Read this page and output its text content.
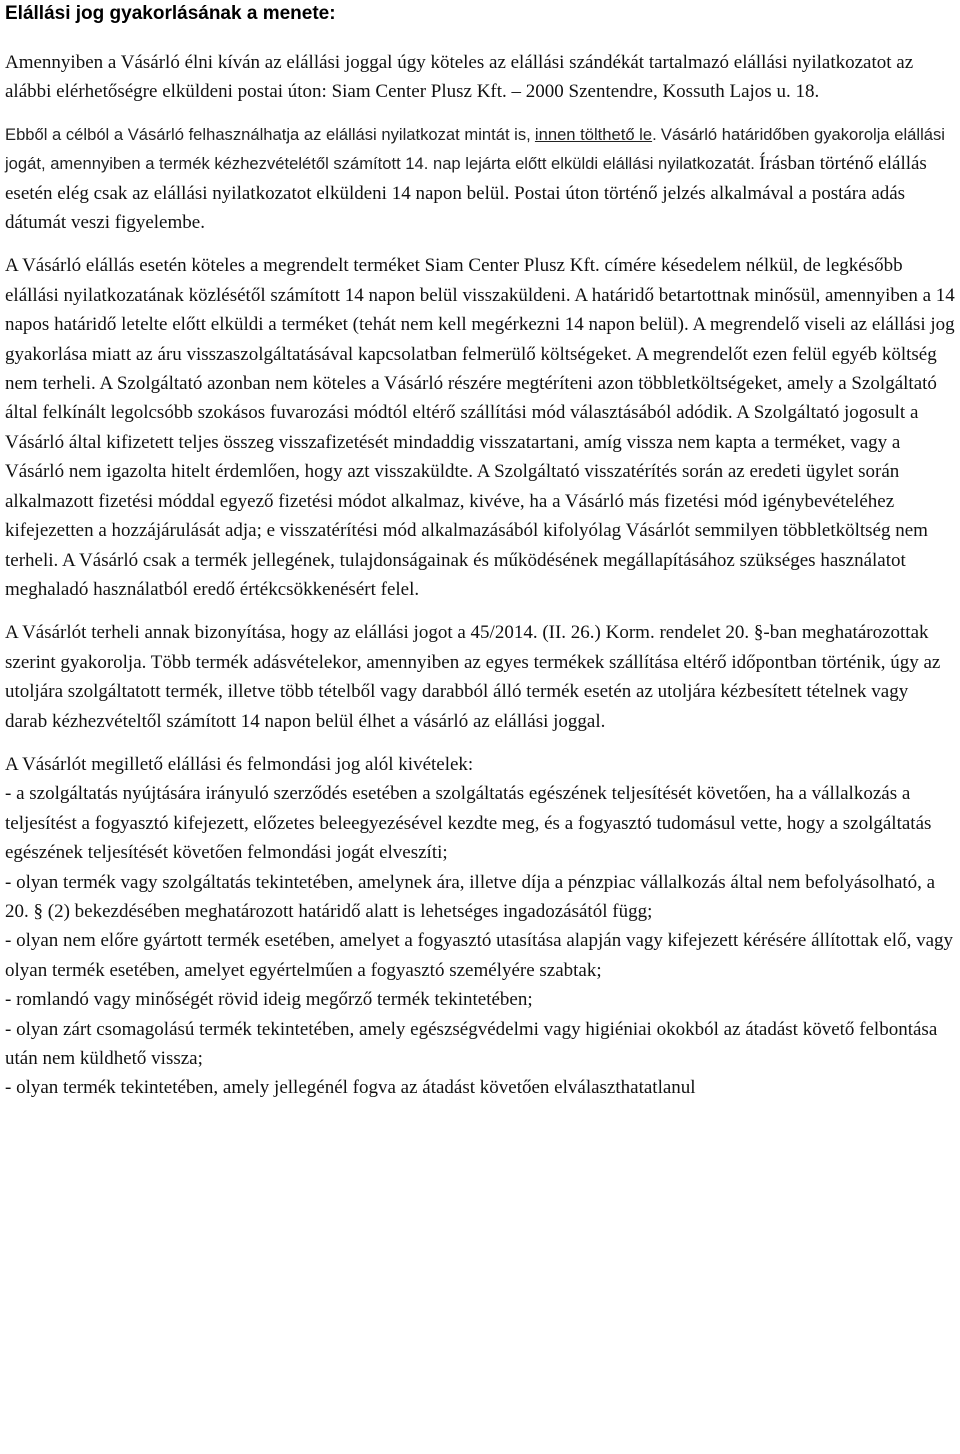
Elállási jog gyakorlásának a menete:

Amennyiben a Vásárló élni kíván az elállási joggal úgy köteles az elállási szándékát tartalmazó elállási nyilatkozatot az alábbi elérhetőségre elküldeni postai úton: Siam Center Plusz Kft. – 2000 Szentendre, Kossuth Lajos u. 18.

Ebből a célból a Vásárló felhasználhatja az elállási nyilatkozat mintát is, innen tölthető le. Vásárló határidőben gyakorolja elállási jogát, amennyiben a termék kézhezvételétől számított 14. nap lejárta előtt elküldi elállási nyilatkozatát. Írásban történő elállás esetén elég csak az elállási nyilatkozatot elküldeni 14 napon belül. Postai úton történő jelzés alkalmával a postára adás dátumát veszi figyelembe.

A Vásárló elállás esetén köteles a megrendelt terméket Siam Center Plusz Kft. címére késedelem nélkül, de legkésőbb elállási nyilatkozatának közlésétől számított 14 napon belül visszaküldeni. A határidő betartottnak minősül, amennyiben a 14 napos határidő letelte előtt elküldi a terméket (tehát nem kell megérkezni 14 napon belül). A megrendelő viseli az elállási jog gyakorlása miatt az áru visszaszolgáltatásával kapcsolatban felmerülő költségeket. A megrendelőt ezen felül egyéb költség nem terheli. A Szolgáltató azonban nem köteles a Vásárló részére megtéríteni azon többletköltségeket, amely a Szolgáltató által felkínált legolcsóbb szokásos fuvarozási módtól eltérő szállítási mód választásából adódik. A Szolgáltató jogosult a Vásárló által kifizetett teljes összeg visszafizetését mindaddig visszatartani, amíg vissza nem kapta a terméket, vagy a Vásárló nem igazolta hitelt érdemlően, hogy azt visszaküldte. A Szolgáltató visszatérítés során az eredeti ügylet során alkalmazott fizetési móddal egyező fizetési módot alkalmaz, kivéve, ha a Vásárló más fizetési mód igénybevételéhez kifejezetten a hozzájárulását adja; e visszatérítési mód alkalmazásából kifolyólag Vásárlót semmilyen többletköltség nem terheli. A Vásárló csak a termék jellegének, tulajdonságainak és működésének megállapításához szükséges használatot meghaladó használatból eredő értékcsökkenésért felel.

A Vásárlót terheli annak bizonyítása, hogy az elállási jogot a 45/2014. (II. 26.) Korm. rendelet 20. §-ban meghatározottak szerint gyakorolja. Több termék adásvételekor, amennyiben az egyes termékek szállítása eltérő időpontban történik, úgy az utoljára szolgáltatott termék, illetve több tételből vagy darabból álló termék esetén az utoljára kézbesített tételnek vagy darab kézhezvételtől számított 14 napon belül élhet a vásárló az elállási joggal.

A Vásárlót megillető elállási és felmondási jog alól kivételek:
- a szolgáltatás nyújtására irányuló szerződés esetében a szolgáltatás egészének teljesítését követően, ha a vállalkozás a teljesítést a fogyasztó kifejezett, előzetes beleegyezésével kezdte meg, és a fogyasztó tudomásul vette, hogy a szolgáltatás egészének teljesítését követően felmondási jogát elveszíti;
- olyan termék vagy szolgáltatás tekintetében, amelynek ára, illetve díja a pénzpiac vállalkozás által nem befolyásolható, a 20. § (2) bekezdésében meghatározott határidő alatt is lehetséges ingadozásától függ;
- olyan nem előre gyártott termék esetében, amelyet a fogyasztó utasítása alapján vagy kifejezett kérésére állítottak elő, vagy olyan termék esetében, amelyet egyértelműen a fogyasztó személyére szabtak;
- romlandó vagy minőségét rövid ideig megőrző termék tekintetében;
- olyan zárt csomagolású termék tekintetében, amely egészségvédelmi vagy higiéniai okokból az átadást követő felbontása után nem küldhető vissza;
- olyan termék tekintetében, amely jellegénél fogva az átadást követően elválaszthatatlanul
